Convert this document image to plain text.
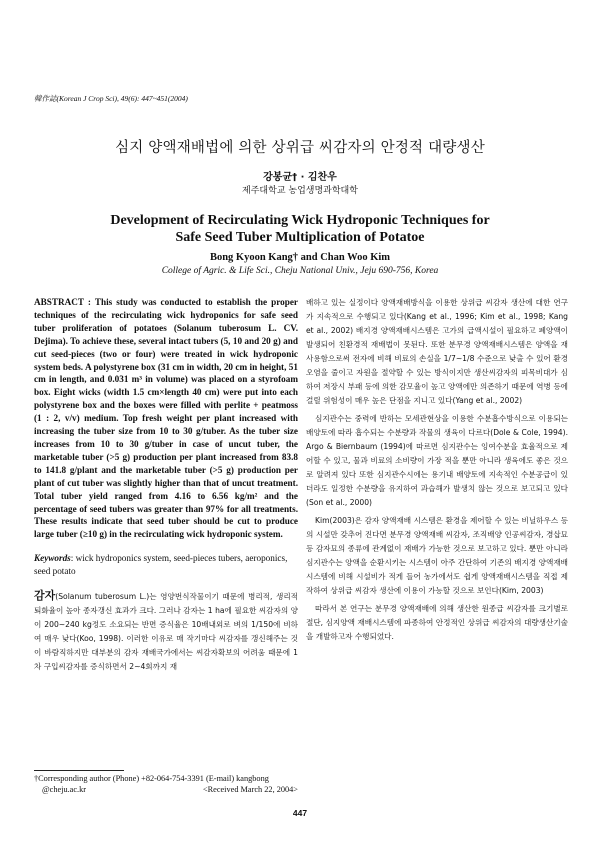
韓作誌(Korean J Crop Sci), 49(6): 447~451(2004)
심지 양액재배법에 의한 상위급 씨감자의 안정적 대량생산
강봉균† · 김찬우
제주대학교 농업생명과학대학
Development of Recirculating Wick Hydroponic Techniques for
Safe Seed Tuber Multiplication of Potatoe
Bong Kyoon Kang† and Chan Woo Kim
College of Agric. & Life Sci., Cheju National Univ., Jeju 690-756, Korea

ABSTRACT : This study was conducted to establish the proper techniques of the recirculating wick hydroponics for safe seed tuber proliferation of potatoes (Solanum tuberosum L. CV. Dejima). To achieve these, several intact tubers (5, 10 and 20 g) and cut seed-pieces (two or four) were treated in wick hydroponic system beds. A polystyrene box (31 cm in width, 20 cm in height, 51 cm in length, and 0.031 m³ in volume) was placed on a styrofoam box. Eight wicks (width 1.5 cm×length 40 cm) were put into each polystyrene box and the boxes were filled with perlite + peatmoss (1 : 2, v/v) medium. Top fresh weight per plant increased with increasing the tuber size from 10 to 30 g/tuber. As the tuber size increases from 10 to 30 g/tuber in case of uncut tuber, the marketable tuber (>5 g) production per plant increased from 83.8 to 141.8 g/plant and the marketable tuber (>5 g) production per plant of cut tuber was slightly higher than that of uncut treatment. Total tuber yield ranged from 4.16 to 6.56 kg/m² and the percentage of seed tubers was greater than 97% for all treatments. These results indicate that seed tuber should be cut to produce large tuber (≥10 g) in the recirculating wick hydroponic system.

Keywords: wick hydroponics system, seed-pieces tubers, aeroponics, seed potato

감자(Solanum tuberosum L.)는 영양번식작물이기 때문에 병리적, 생리적 퇴화율이 높아 종자갱신 효과가 크다. 그러나 감자는 1 ha에 필요한 씨감자의 양이 200~240 kg정도 소요되는 반면 증식율은 10배내외로 벼의 1/150에 비하여 매우 낮다(Koo, 1998). 이러한 이유로 매 작기마다 씨감자를 갱신해주는 것이 바람직하지만 대부분의 감자 재배국가에서는 씨감자확보의 어려움 때문에 1차 구입씨감자를 증식하면서 2~4회까지 재

배하고 있는 실정이다 양액재배방식을 이용한 상위급 씨감자 생산에 대한 연구가 지속적으로 수행되고 있다(Kang et al., 1996; Kim et al., 1998; Kang et al., 2002) 배지경 양액재배시스템은 고가의 급액시설이 필요하고 폐양액이 발생되어 친환경적 재배법이 못된다. 또한 분무경 양액재배시스템은 양액을 재사용함으로써 전자에 비해 비료의 손실을 1/7~1/8 수준으로 낮출 수 있어 환경오염을 줄이고 자원을 절약할 수 있는 방식이지만 생산씨감자의 피목비대가 심하여 저장시 부패 등에 의한 감모율이 높고 양액에만 의존하기 때문에 역병 등에 걸릴 위험성이 매우 높은 단점을 지니고 있다(Yang et al., 2002)

심지관수는 중력에 반하는 모세관현상을 이용한 수분흡수방식으로 이용되는 배양토에 따라 흡수되는 수분량과 작물의 생육이 다르다(Dole & Cole, 1994). Argo & Biernbaum (1994)에 따르면 심지관수는 잉여수분을 효율적으로 제어할 수 있고, 물과 비료의 소비량이 가장 적을 뿐만 아니라 생육에도 좋은 것으로 알려져 있다 또한 심지관수시에는 용기내 배양토에 지속적인 수분공급이 있더라도 일정한 수분량을 유지하여 과습해가 발생치 않는 것으로 보고되고 있다(Son et al., 2000)

Kim(2003)은 감자 양액재배 시스템은 환경을 제어할 수 있는 비닐하우스 등의 시설만 갖추어 진다면 분무경 양액재배 씨감자, 조직배양 인공씨감자, 경삽묘 등 감자묘의 종류에 관계없이 재배가 가능한 것으로 보고하고 있다. 뿐만 아니라 심지관수는 양액을 순환시키는 시스템이 아주 간단하여 기존의 배지경 양액재배시스템에 비해 시설비가 적게 들어 농가에서도 쉽게 양액재배시스템을 직접 제작하여 상위급 씨감자 생산에 이용이 가능할 것으로 보인다(Kim, 2003)

따라서 본 연구는 분무경 양액재배에 의해 생산한 원종급 씨감자를 크기별로 절단, 심지양액 재배시스템에 파종하여 안정적인 상위급 씨감자의 대량생산기술을 개발하고자 수행되었다.

†Corresponding author (Phone) +82-064-754-3391 (E-mail) kangbong
@cheju.ac.kr	<Received March 22, 2004>
447
